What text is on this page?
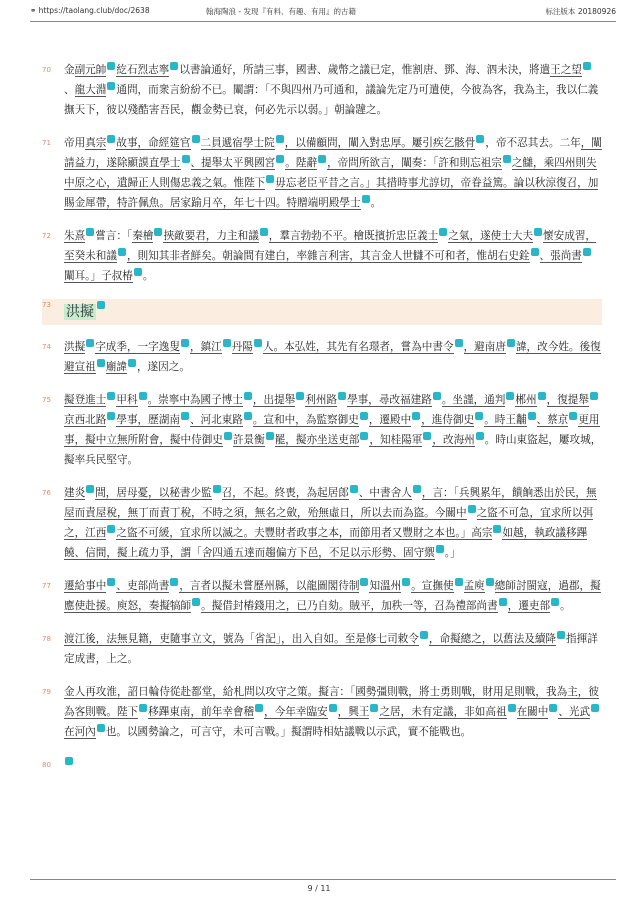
⚭ https://taolang.club/doc/2638	翰海陶浪 - 发现『有料、有趣、有用』的古籍	标注版本 20180926
70 金副元帥 紇石烈志寧 以書論通好，所請三事，國書、歲幣之議已定，惟割唐、鄧、海、泗未決，將遣王之望、龍大淵 通問，而衆言紛紛不已。闡謂：「不與四州乃可通和，議論先定乃可遣使，今彼為客，我為主，我以仁義撫天下，彼以殘酷害吾民，觀金勢已衰，何必先示以弱。」朝論韙之。
71 帝用真宗 故事，命經筵官 二員遞宿學士院 ，以備顧問，闡入對忠厚。屢引疾乞骸骨 ，帝不忍其去。二年，闡請益力，遂除顯謨直學士 、提舉太平興國宮 。陛辭 ，帝問所欲言，闡奏：「許和則忘祖宗 之讎，乘四州則失中原之心，遺歸正人則傷忠義之氣。惟陛下 毋忘老臣平昔之言。」其措時事尤諄切，帝眷益篤。論以秋涼復召，加賜金犀帶，特許佩魚。居家踰月卒，年七十四。特贈端明殿學士 。
72 朱熹 嘗言：「秦檜 挾敵要君，力主和議 ，羣言勃勃不平。檜既擯折忠臣義士 之氣，遂使士大夫 懷安成習，至癸未和議 ，則知其非者鮮矣。朝論間有建白，率雜言利害，其言金人世讎不可和者，惟胡右史銓 、張尚書闡耳。」子叔椿 。
73 洪擬
74 洪擬 字成季，一字逸叟 ，鎮江 丹陽 人。本弘姓，其先有名璟者，嘗為中書令 ，避南唐 諱，改今姓。後復避宣祖 廟諱 ，遂因之。
75 擬登進士 甲科 。崇寧中為國子博士 ，出提舉 利州路 學事，尋改福建路 。坐謹，通判 郴州 ，復提舉京西北路 學事，歷湖南 、河北東路 。宣和中，為監察御史 ，遷殿中 ，進侍御史 。時王黼 、蔡京 更用事，擬中立無所附會，擬中侍御史 許景衡 罷，擬亦坐送吏部 ，知桂陽軍 ，改海州 。時山東盜起，屢攻城，擬率兵民堅守。
76 建炎 間，居母憂，以秘書少監 召，不起。終喪，為起居郎 、中書舍人 ，言：「兵興累年，饋餉悉出於民，無屋而責屋稅，無丁而責丁稅，不時之須，無名之斂，殆無虛日，所以去而為盜。今關中 之盜不可急，宜求所以弭之，江西 之盜不可緩，宜求所以滅之。夫豐財者政事之本，而節用者又豐財之本也。」高宗 如越，執政議移蹕饒、信間，擬上疏力爭，謂「舍四通五達而趨偏方下邑，不足以示形勢、固守禦 。」
77 遷給事中 、吏部尚書 ，言者以擬未嘗歷州縣，以龍圖閣待制 知溫州 。宣撫使 孟庾 總師討閩寇，過郡，擬應使赴援。庾怒，奏擬犒師 。擬借封樁錢用之，已乃自劾。賊平，加秩一等，召為禮部尚書 ，遷吏部 。
78 渡江後，法無見籍，吏隨事立文，號為「省記」，出入自如。至是修七司敕令 ，命擬總之，以舊法及續降 指揮詳定成書，上之。
79 金人再攻淮，詔日輪侍從赴都堂，給札問以攻守之策。擬言：「國勢彊則戰，將士勇則戰，財用足則戰，我為主，彼為客則戰。陛下 移蹕東南，前年幸會稽 ，今年幸臨安 ，興王 之居，未有定議，非如高祖 在關中 、光武在河內 也。以國勢論之，可言守，未可言戰。」擬謂時相姑議戰以示武，實不能戰也。
80
9 / 11
